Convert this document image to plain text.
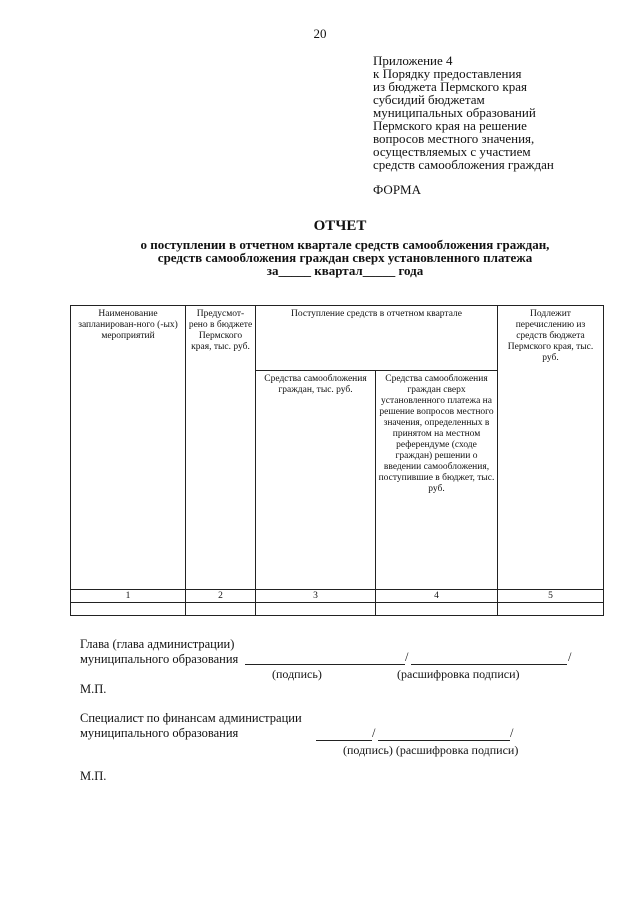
20
Приложение 4
к Порядку предоставления
из бюджета Пермского края
субсидий бюджетам
муниципальных образований
Пермского края на решение
вопросов местного значения,
осуществляемых с участием
средств самообложения граждан
ФОРМА
ОТЧЕТ
о поступлении в отчетном квартале средств самообложения граждан,
средств самообложения граждан сверх установленного платежа
за_____ квартал_____ года
Наименование запланирован-ного (-ых) мероприятий	Предусмот-рено в бюджете Пермского края, тыс. руб.	Поступление средств в отчетном квартале		Подлежит перечислению из средств бюджета Пермского края, тыс. руб.
		Средства самообложения граждан, тыс. руб.	Средства самообложения граждан сверх установленного платежа на решение вопросов местного значения, определенных в принятом на местном референдуме (сходе граждан) решении о введении самообложения, поступившие в бюджет, тыс. руб.	
1	2	3	4	5

Глава (глава администрации)
муниципального образования	/	/
(подпись)	(расшифровка подписи)
М.П.
Специалист по финансам администрации
муниципального образования	/	/
(подпись) (расшифровка подписи)
М.П.
